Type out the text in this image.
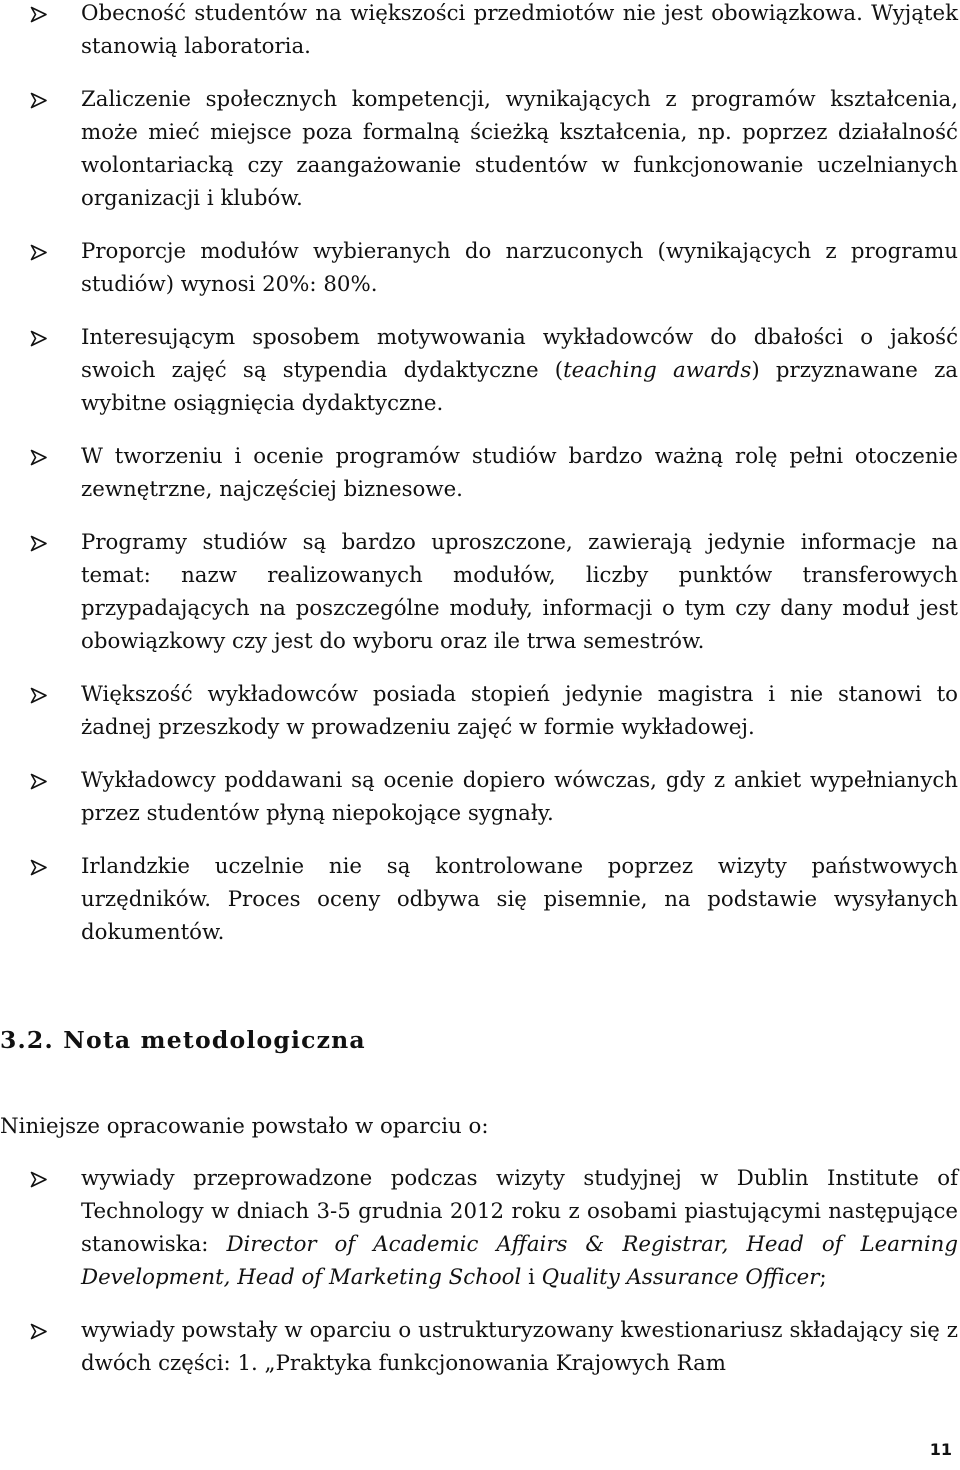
Obecność studentów na większości przedmiotów nie jest obowiązkowa. Wyjątek stanowią laboratoria.
Zaliczenie społecznych kompetencji, wynikających z programów kształcenia, może mieć miejsce poza formalną ścieżką kształcenia, np. poprzez działalność wolontariacką czy zaangażowanie studentów w funkcjonowanie uczelnianych organizacji i klubów.
Proporcje modułów wybieranych do narzuconych (wynikających z programu studiów) wynosi 20%: 80%.
Interesującym sposobem motywowania wykładowców do dbałości o jakość swoich zajęć są stypendia dydaktyczne (teaching awards) przyznawane za wybitne osiągnięcia dydaktyczne.
W tworzeniu i ocenie programów studiów bardzo ważną rolę pełni otoczenie zewnętrzne, najczęściej biznesowe.
Programy studiów są bardzo uproszczone, zawierają jedynie informacje na temat: nazw realizowanych modułów, liczby punktów transferowych przypadających na poszczególne moduły, informacji o tym czy dany moduł jest obowiązkowy czy jest do wyboru oraz ile trwa semestrów.
Większość wykładowców posiada stopień jedynie magistra i nie stanowi to żadnej przeszkody w prowadzeniu zajęć w formie wykładowej.
Wykładowcy poddawani są ocenie dopiero wówczas, gdy z ankiet wypełnianych przez studentów płyną niepokojące sygnały.
Irlandzkie uczelnie nie są kontrolowane poprzez wizyty państwowych urzędników. Proces oceny odbywa się pisemnie, na podstawie wysyłanych dokumentów.
3.2. Nota metodologiczna

Niniejsze opracowanie powstało w oparciu o:

wywiady przeprowadzone podczas wizyty studyjnej w Dublin Institute of Technology w dniach 3-5 grudnia 2012 roku z osobami piastującymi następujące stanowiska: Director of Academic Affairs & Registrar, Head of Learning Development, Head of Marketing School i Quality Assurance Officer;
wywiady powstały w oparciu o ustrukturyzowany kwestionariusz składający się z dwóch części: 1. „Praktyka funkcjonowania Krajowych Ram
11
